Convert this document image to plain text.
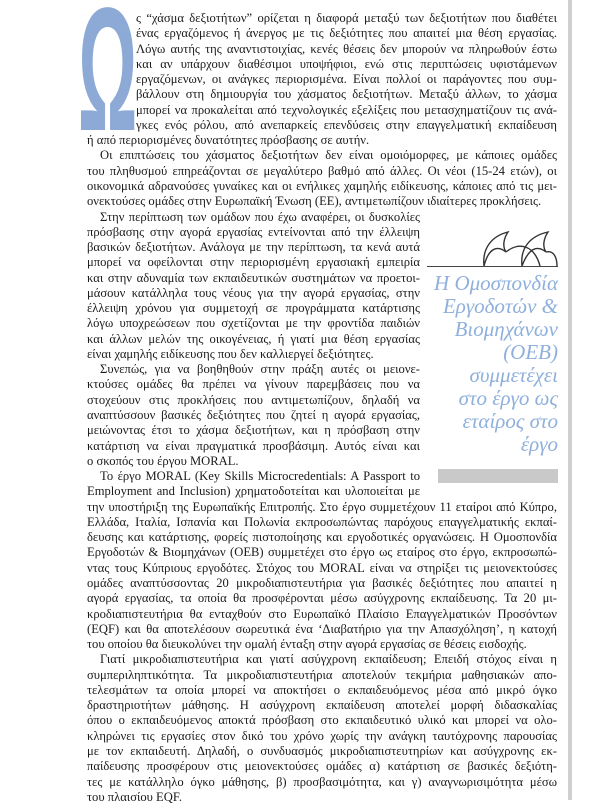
Ω
ς “χάσμα δεξιοτήτων” ορίζεται η διαφορά μεταξύ των δεξιοτήτων που διαθέτει
ένας εργαζόμενος ή άνεργος με τις δεξιότητες που απαιτεί μια θέση εργασίας.
Λόγω αυτής της αναντιστοιχίας, κενές θέσεις δεν μπορούν να πληρωθούν έστω
και αν υπάρχουν διαθέσιμοι υποψήφιοι, ενώ στις περιπτώσεις υφιστάμενων
εργαζόμενων, οι ανάγκες περιορισμένα. Είναι πολλοί οι παράγοντες που συμ-
βάλλουν στη δημιουργία του χάσματος δεξιοτήτων. Μεταξύ άλλων, το χάσμα
μπορεί να προκαλείται από τεχνολογικές εξελίξεις που μετασχηματίζουν τις ανά-
γκες ενός ρόλου, από ανεπαρκείς επενδύσεις στην επαγγελματική εκπαίδευση
ή από περιορισμένες δυνατότητες πρόσβασης σε αυτήν.
Οι επιπτώσεις του χάσματος δεξιοτήτων δεν είναι ομοιόμορφες, με κάποιες ομάδες
του πληθυσμού επηρεάζονται σε μεγαλύτερο βαθμό από άλλες. Οι νέοι (15-24 ετών), οι
οικονομικά αδρανούσες γυναίκες και οι ενήλικες χαμηλής ειδίκευσης, κάποιες από τις μει-
ονεκτούσες ομάδες στην Ευρωπαϊκή Ένωση (ΕΕ), αντιμετωπίζουν ιδιαίτερες προκλήσεις.
Στην περίπτωση των ομάδων που έχω αναφέρει, οι δυσκολίες
πρόσβασης στην αγορά εργασίας εντείνονται από την έλλειψη
βασικών δεξιοτήτων. Ανάλογα με την περίπτωση, τα κενά αυτά
μπορεί να οφείλονται στην περιορισμένη εργασιακή εμπειρία
και στην αδυναμία των εκπαιδευτικών συστημάτων να προετοι-
μάσουν κατάλληλα τους νέους για την αγορά εργασίας, στην
έλλειψη χρόνου για συμμετοχή σε προγράμματα κατάρτισης
λόγω υποχρεώσεων που σχετίζονται με την φροντίδα παιδιών
και άλλων μελών της οικογένειας, ή γιατί μια θέση εργασίας
είναι χαμηλής ειδίκευσης που δεν καλλιεργεί δεξιότητες.
Συνεπώς, για να βοηθηθούν στην πράξη αυτές οι μειονε-
κτούσες ομάδες θα πρέπει να γίνουν παρεμβάσεις που να
στοχεύουν στις προκλήσεις που αντιμετωπίζουν, δηλαδή να
αναπτύσσουν βασικές δεξιότητες που ζητεί η αγορά εργασίας,
μειώνοντας έτσι το χάσμα δεξιοτήτων, και η πρόσβαση στην
κατάρτιση να είναι πραγματικά προσβάσιμη. Αυτός είναι και
ο σκοπός του έργου MORAL.
Το έργο MORAL (Key Skills Microcredentials: A Passport to
Employment and Inclusion) χρηματοδοτείται και υλοποιείται με
την υποστήριξη της Ευρωπαϊκής Επιτροπής. Στο έργο συμμετέχουν 11 εταίροι από Κύπρο,
Ελλάδα, Ιταλία, Ισπανία και Πολωνία εκπροσωπώντας παρόχους επαγγελματικής εκπαί-
δευσης και κατάρτισης, φορείς πιστοποίησης και εργοδοτικές οργανώσεις. Η Ομοσπονδία
Εργοδοτών & Βιομηχάνων (ΟΕΒ) συμμετέχει στο έργο ως εταίρος στο έργο, εκπροσωπώ-
ντας τους Κύπριους εργοδότες. Στόχος του MORAL είναι να στηρίξει τις μειονεκτούσες
ομάδες αναπτύσσοντας 20 μικροδιαπιστευτήρια για βασικές δεξιότητες που απαιτεί η
αγορά εργασίας, τα οποία θα προσφέρονται μέσω ασύγχρονης εκπαίδευσης. Τα 20 μι-
κροδιαπιστευτήρια θα ενταχθούν στο Ευρωπαϊκό Πλαίσιο Επαγγελματικών Προσόντων
(EQF) και θα αποτελέσουν σωρευτικά ένα ‘Διαβατήριο για την Απασχόληση’, η κατοχή
του οποίου θα διευκολύνει την ομαλή ένταξη στην αγορά εργασίας σε θέσεις εισδοχής.
Γιατί μικροδιαπιστευτήρια και γιατί ασύγχρονη εκπαίδευση; Επειδή στόχος είναι η
συμπεριληπτικότητα. Τα μικροδιαπιστευτήρια αποτελούν τεκμήρια μαθησιακών απο-
τελεσμάτων τα οποία μπορεί να αποκτήσει ο εκπαιδευόμενος μέσα από μικρό όγκο
δραστηριοτήτων μάθησης. Η ασύγχρονη εκπαίδευση αποτελεί μορφή διδασκαλίας
όπου ο εκπαιδευόμενος αποκτά πρόσβαση στο εκπαιδευτικό υλικό και μπορεί να ολο-
κληρώνει τις εργασίες στον δικό του χρόνο χωρίς την ανάγκη ταυτόχρονης παρουσίας
με τον εκπαιδευτή. Δηλαδή, ο συνδυασμός μικροδιαπιστευτηρίων και ασύγχρονης εκ-
παίδευσης προσφέρουν στις μειονεκτούσες ομάδες α) κατάρτιση σε βασικές δεξιότη-
τες με κατάλληλο όγκο μάθησης, β) προσβασιμότητα, και γ) αναγνωρισιμότητα μέσω
του πλαισίου EQF.
Η Ομοσπονδία
Εργοδοτών &
Βιομηχάνων
(ΟΕΒ)
συμμετέχει
στο έργο ως
εταίρος στο
έργο
